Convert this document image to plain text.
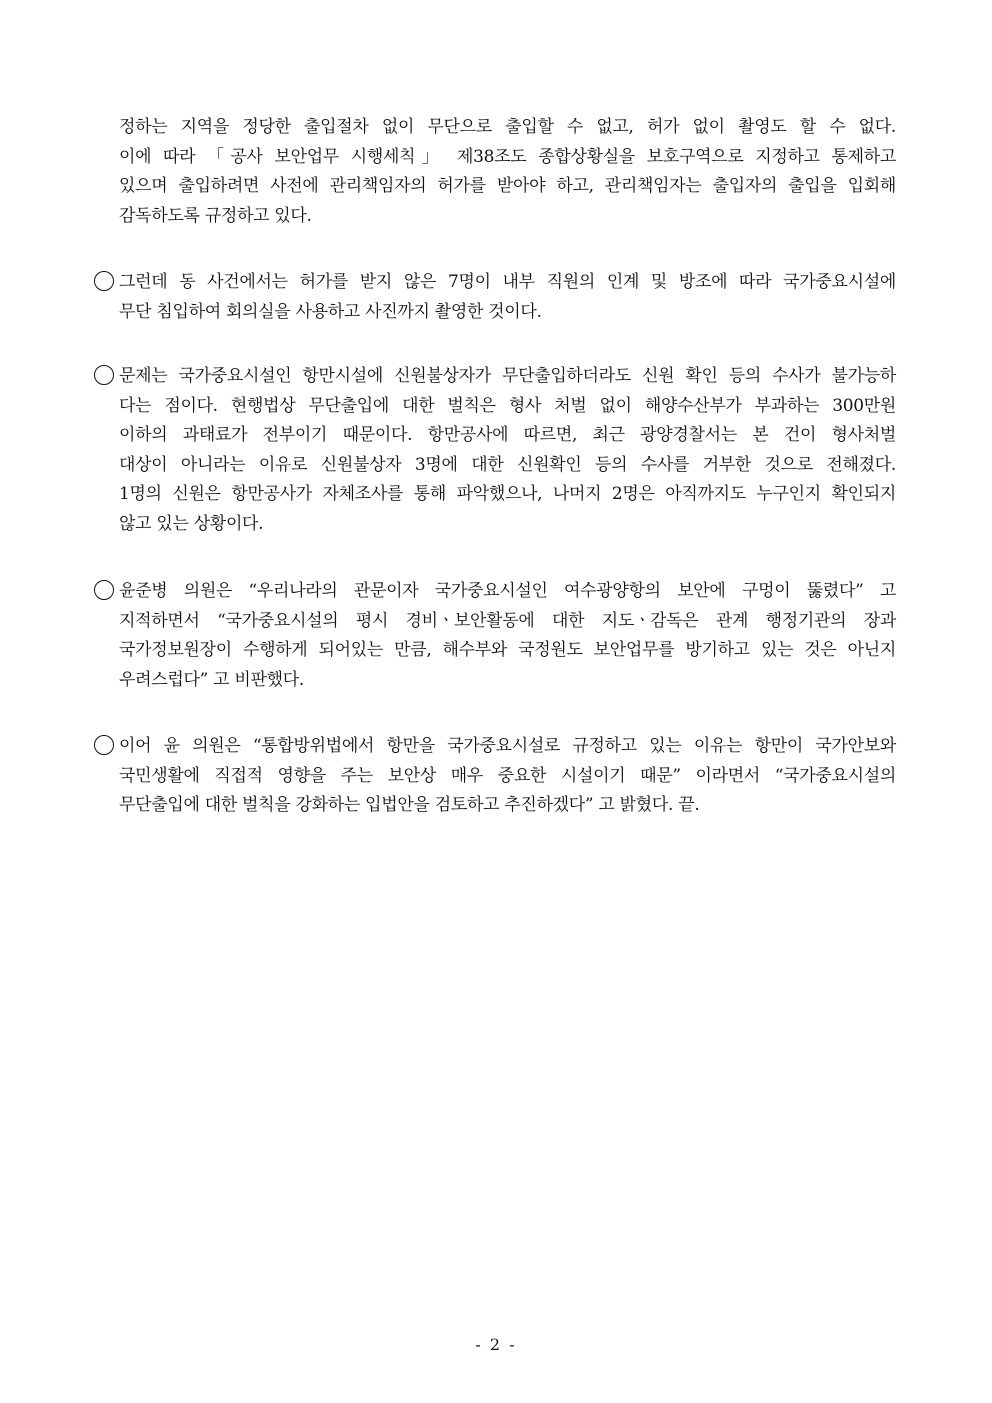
정하는 지역을 정당한 출입절차 없이 무단으로 출입할 수 없고, 허가 없이 촬영도 할 수 없다.
이에 따라 「공사 보안업무 시행세칙」 제38조도 종합상황실을 보호구역으로 지정하고 통제하고
있으며 출입하려면 사전에 관리책임자의 허가를 받아야 하고, 관리책임자는 출입자의 출입을 입회해
감독하도록 규정하고 있다.
그런데 동 사건에서는 허가를 받지 않은 7명이 내부 직원의 인계 및 방조에 따라 국가중요시설에
무단 침입하여 회의실을 사용하고 사진까지 촬영한 것이다.
문제는 국가중요시설인 항만시설에 신원불상자가 무단출입하더라도 신원 확인 등의 수사가 불가능하
다는 점이다. 현행법상 무단출입에 대한 벌칙은 형사 처벌 없이 해양수산부가 부과하는 300만원
이하의 과태료가 전부이기 때문이다. 항만공사에 따르면, 최근 광양경찰서는 본 건이 형사처벌
대상이 아니라는 이유로 신원불상자 3명에 대한 신원확인 등의 수사를 거부한 것으로 전해졌다.
1명의 신원은 항만공사가 자체조사를 통해 파악했으나, 나머지 2명은 아직까지도 누구인지 확인되지
않고 있는 상황이다.
윤준병 의원은 “우리나라의 관문이자 국가중요시설인 여수광양항의 보안에 구멍이 뚫렸다” 고
지적하면서 “국가중요시설의 평시 경비ㆍ보안활동에 대한 지도ㆍ감독은 관계 행정기관의 장과
국가정보원장이 수행하게 되어있는 만큼, 해수부와 국정원도 보안업무를 방기하고 있는 것은 아닌지
우려스럽다” 고 비판했다.
이어 윤 의원은 “통합방위법에서 항만을 국가중요시설로 규정하고 있는 이유는 항만이 국가안보와
국민생활에 직접적 영향을 주는 보안상 매우 중요한 시설이기 때문” 이라면서 “국가중요시설의
무단출입에 대한 벌칙을 강화하는 입법안을 검토하고 추진하겠다” 고 밝혔다. 끝.
- 2 -
